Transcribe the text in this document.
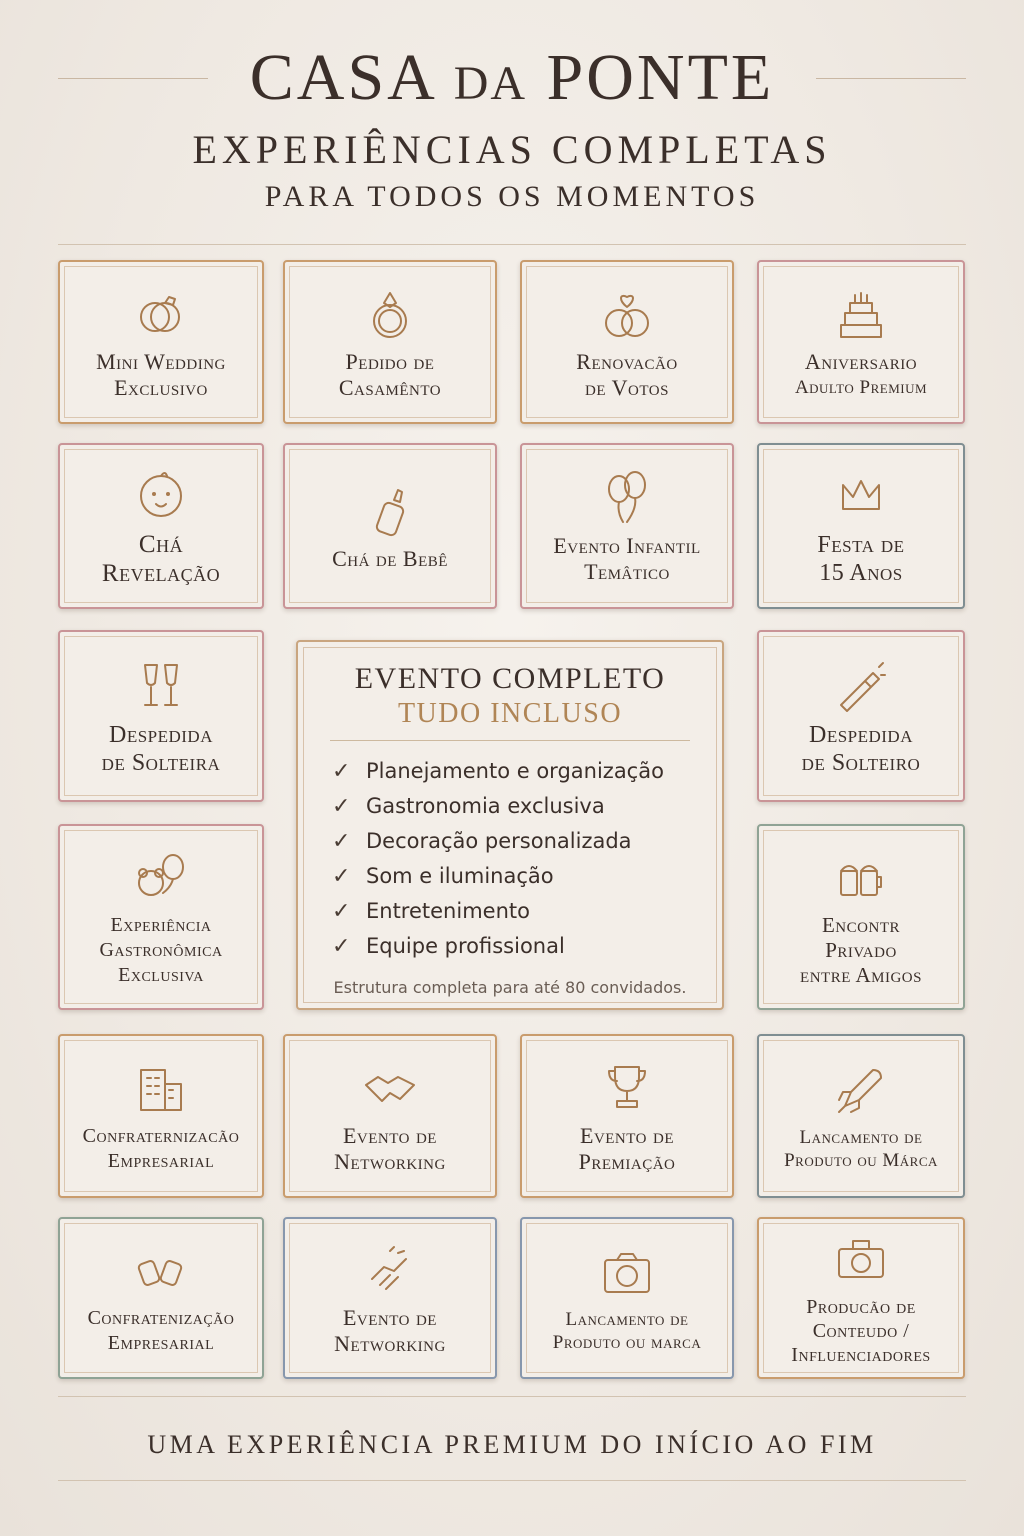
CASA DA PONTE
EXPERIÊNCIAS COMPLETAS
PARA TODOS OS MOMENTOS
Mini Wedding
Exclusivo
Pedido de
Casamênto
Renovacão
de Votos
Aniversario
Adulto Premium
Chá
Revelação
Chá de Bebê
Evento Infantil
Temâtico
Festa de
15 Anos
Despedida
de Solteira
Despedida
de Solteiro
EVENTO COMPLETO
TUDO INCLUSO
✓ Planejamento e organização
✓ Gastronomia exclusiva
✓ Decoração personalizada
✓ Som e iluminação
✓ Entretenimento
✓ Equipe profissional
Estrutura completa para até 80 convidados.
Experiência
Gastronômica
Exclusiva
Encontr
Privado
entre Amigos
Confraternizacão
Empresarial
Evento de
Networking
Evento de
Premiação
Lancamento de
Produto ou Márca
Confratenização
Empresarial
Evento de
Networking
Lancamento de
Produto ou marca
Producão de
Conteudo /
Influenciadores
UMA EXPERIÊNCIA PREMIUM DO INÍCIO AO FIM
